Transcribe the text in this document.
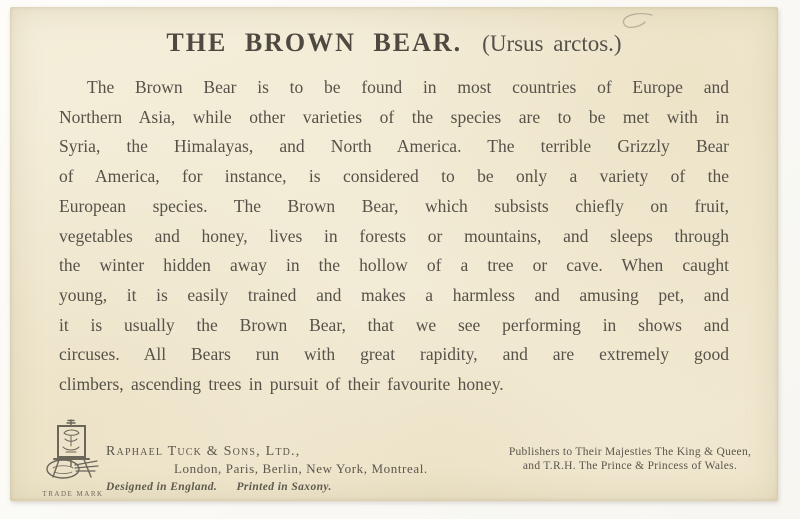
THE BROWN BEAR. (Ursus arctos.)
The Brown Bear is to be found in most countries of Europe and
Northern Asia, while other varieties of the species are to be met with in
Syria, the Himalayas, and North America. The terrible Grizzly Bear
of America, for instance, is considered to be only a variety of the
European species. The Brown Bear, which subsists chiefly on fruit,
vegetables and honey, lives in forests or mountains, and sleeps through
the winter hidden away in the hollow of a tree or cave. When caught
young, it is easily trained and makes a harmless and amusing pet, and
it is usually the Brown Bear, that we see performing in shows and
circuses. All Bears run with great rapidity, and are extremely good
climbers, ascending trees in pursuit of their favourite honey.
TRADE MARK
Raphael Tuck & Sons, Ltd.,
London, Paris, Berlin, New York, Montreal.
Designed in England. Printed in Saxony.
Publishers to Their Majesties The King & Queen,
and T.R.H. The Prince & Princess of Wales.
